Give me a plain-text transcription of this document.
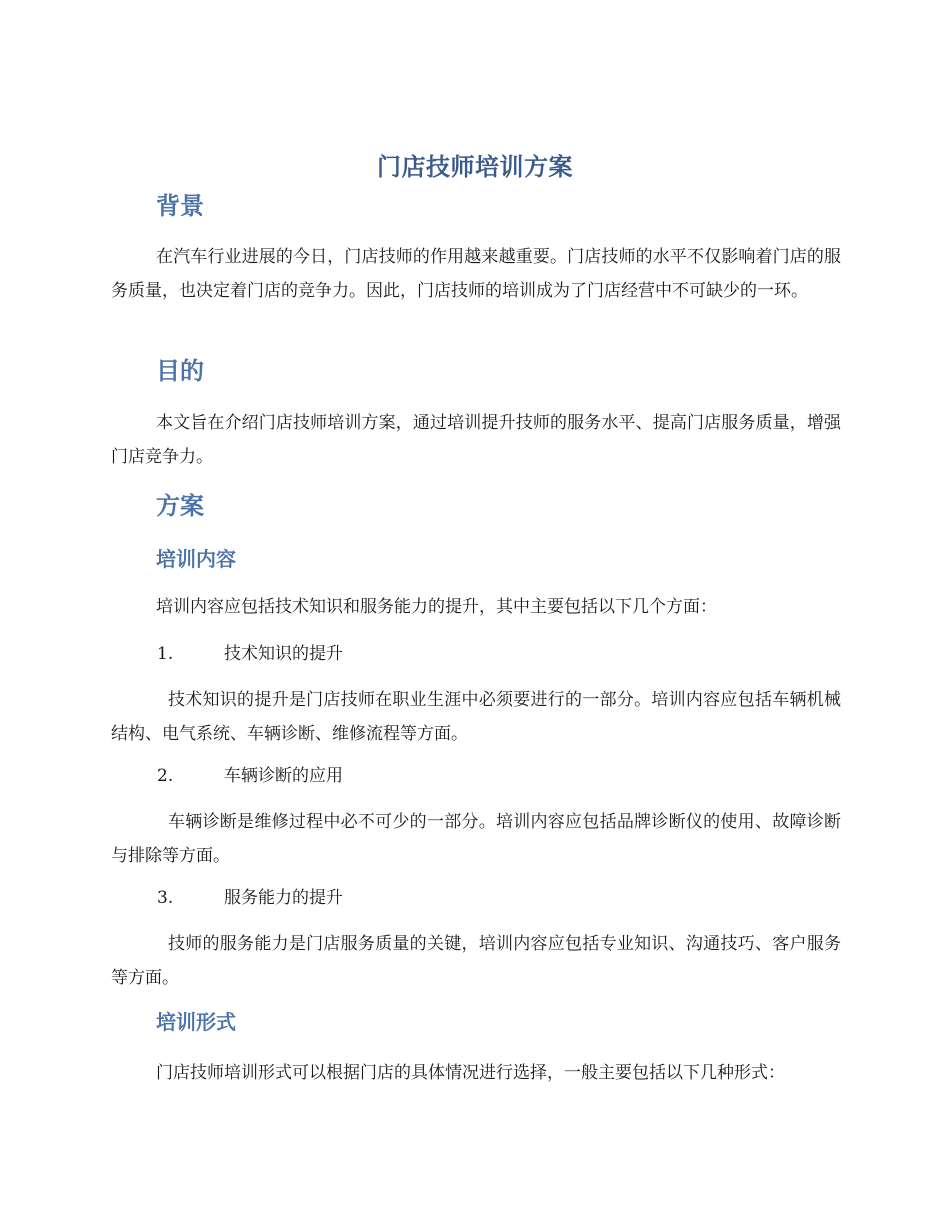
门店技师培训方案
背景
在汽车行业进展的今日，门店技师的作用越来越重要。门店技师的水平不仅影响着门店的服务质量，也决定着门店的竞争力。因此，门店技师的培训成为了门店经营中不可缺少的一环。
目的
本文旨在介绍门店技师培训方案，通过培训提升技师的服务水平、提高门店服务质量，增强门店竞争力。
方案
培训内容
培训内容应包括技术知识和服务能力的提升，其中主要包括以下几个方面：
1.	技术知识的提升
技术知识的提升是门店技师在职业生涯中必须要进行的一部分。培训内容应包括车辆机械结构、电气系统、车辆诊断、维修流程等方面。
2.	车辆诊断的应用
车辆诊断是维修过程中必不可少的一部分。培训内容应包括品牌诊断仪的使用、故障诊断与排除等方面。
3.	服务能力的提升
技师的服务能力是门店服务质量的关键，培训内容应包括专业知识、沟通技巧、客户服务等方面。
培训形式
门店技师培训形式可以根据门店的具体情况进行选择，一般主要包括以下几种形式：
